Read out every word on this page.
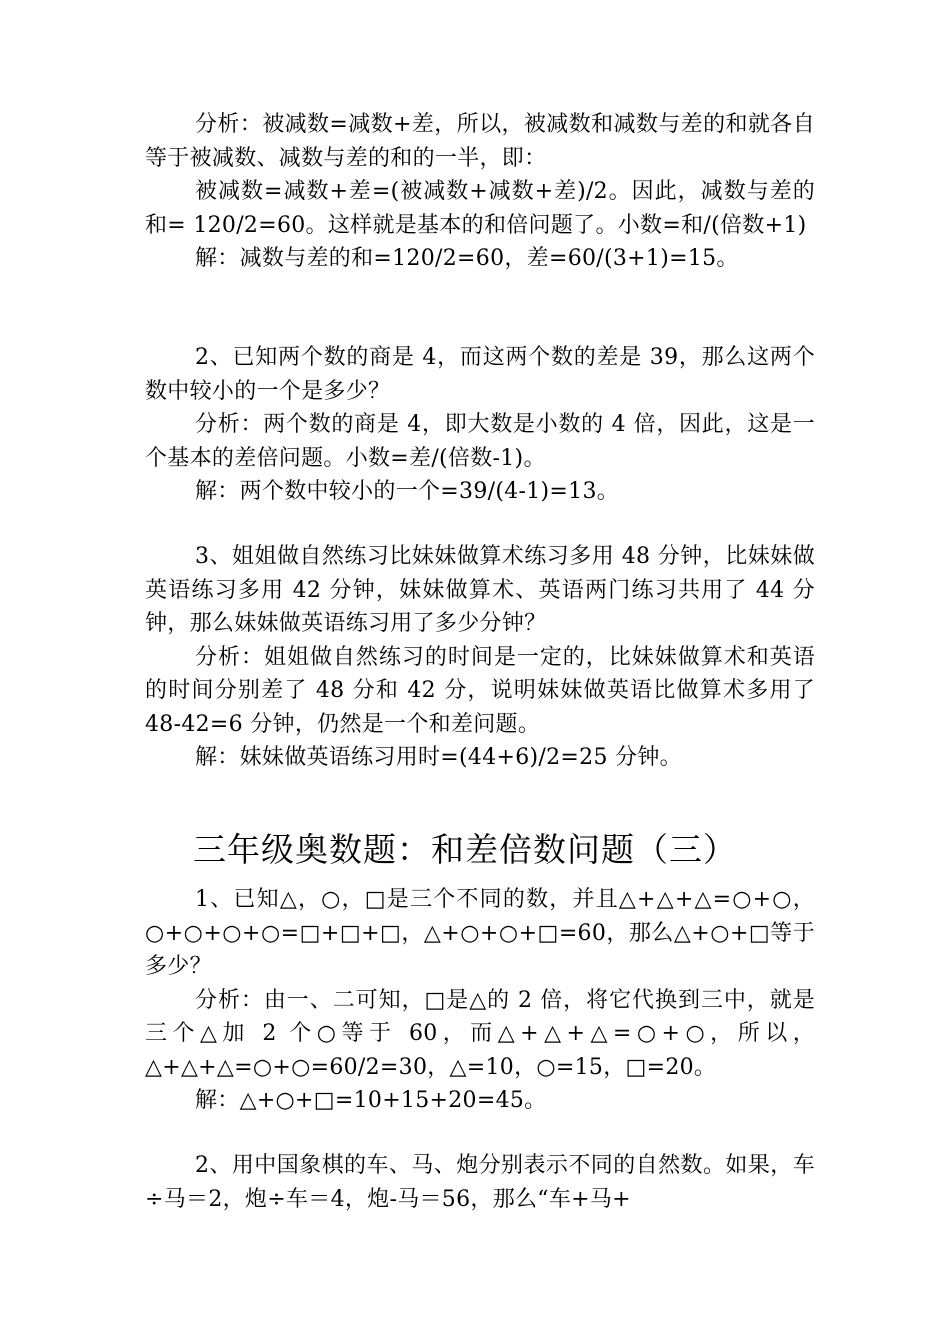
分析：被减数=减数+差，所以，被减数和减数与差的和就各自等于被减数、减数与差的和的一半，即：

被减数=减数+差=(被减数+减数+差)/2。因此，减数与差的和= 120/2=60。这样就是基本的和倍问题了。小数=和/(倍数+1)

解：减数与差的和=120/2=60，差=60/(3+1)=15。

2、已知两个数的商是 4，而这两个数的差是 39，那么这两个数中较小的一个是多少？

分析：两个数的商是 4，即大数是小数的 4 倍，因此，这是一个基本的差倍问题。小数=差/(倍数-1)。

解：两个数中较小的一个=39/(4-1)=13。

3、姐姐做自然练习比妹妹做算术练习多用 48 分钟，比妹妹做英语练习多用 42 分钟，妹妹做算术、英语两门练习共用了 44 分钟，那么妹妹做英语练习用了多少分钟？

分析：姐姐做自然练习的时间是一定的，比妹妹做算术和英语的时间分别差了 48 分和 42 分，说明妹妹做英语比做算术多用了 48-42=6 分钟，仍然是一个和差问题。

解：妹妹做英语练习用时=(44+6)/2=25 分钟。

三年级奥数题：和差倍数问题（三）

1、已知△，○，□是三个不同的数，并且△+△+△=○+○，○+○+○+○=□+□+□，△+○+○+□=60，那么△+○+□等于多少？

分析：由一、二可知，□是△的 2 倍，将它代换到三中，就是三个△加 2 个○等于 60，而△+△+△=○+○，所以，△+△+△=○+○=60/2=30，△=10，○=15，□=20。

解：△+○+□=10+15+20=45。

2、用中国象棋的车、马、炮分别表示不同的自然数。如果，车÷马＝2，炮÷车＝4，炮-马＝56，那么“车+马+
